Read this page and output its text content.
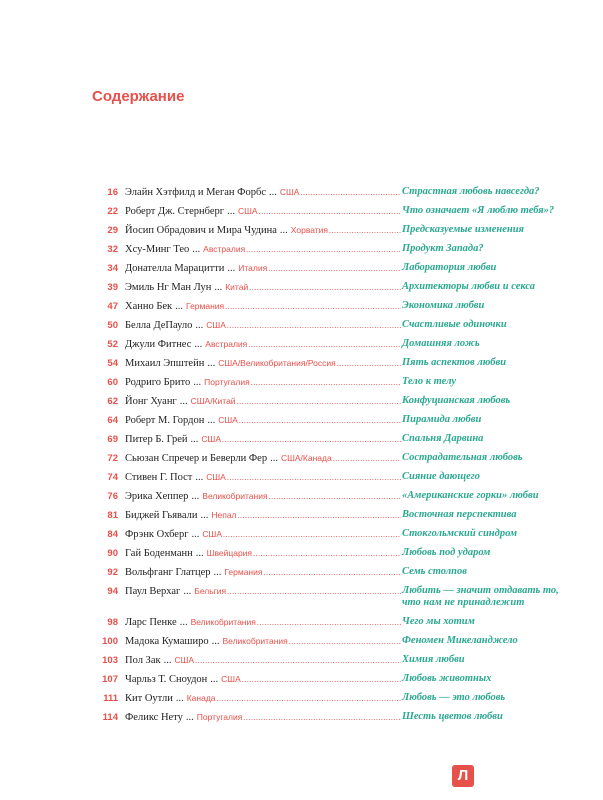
Содержание
16 Элайн Хэтфилд и Меган Форбс ... США .....	Страстная любовь навсегда?
22 Роберт Дж. Стернберг ... США .....	Что означает «Я люблю тебя»?
29 Йосип Обрадович и Мира Чудина ... Хорватия .....	Предсказуемые изменения
32 Хсу-Минг Тео ... Австралия .....	Продукт Запада?
34 Донателла Марацитти ... Италия .....	Лаборатория любви
39 Эмиль Нг Ман Лун ... Китай .....	Архитекторы любви и секса
47 Ханно Бек ... Германия .....	Экономика любви
50 Белла ДеПауло ... США .....	Счастливые одиночки
52 Джули Фитнес ... Австралия .....	Домашняя ложь
54 Михаил Эпштейн ... США/Великобритания/Россия .....	Пять аспектов любви
60 Родриго Брито ... Португалия .....	Тело к телу
62 Йонг Хуанг ... США/Китай .....	Конфуцианская любовь
64 Роберт М. Гордон ... США .....	Пирамида любви
69 Питер Б. Грей ... США .....	Спальня Дарвина
72 Сьюзан Спречер и Беверли Фер ... США/Канада .....	Сострадательная любовь
74 Стивен Г. Пост ... США .....	Сияние дающего
76 Эрика Хеппер ... Великобритания .....	«Американские горки» любви
81 Биджей Гьявали ... Непал .....	Восточная перспектива
84 Фрэнк Охберг ... США .....	Стокгольмский синдром
90 Гай Боденманн ... Швейцария .....	Любовь под ударом
92 Вольфганг Глатцер ... Германия .....	Семь столпов
94 Паул Верхаг ... Бельгия .....	Любить — значит отдавать то, что нам не принадлежит
98 Ларс Пенке ... Великобритания .....	Чего мы хотим
100 Мадока Кумаширо ... Великобритания .....	Феномен Микеланджело
103 Пол Зак ... США .....	Химия любви
107 Чарльз Т. Сноудон ... США .....	Любовь животных
111 Кит Оутли ... Канада .....	Любовь — это любовь
114 Феликс Нету ... Португалия .....	Шесть цветов любви
Л
